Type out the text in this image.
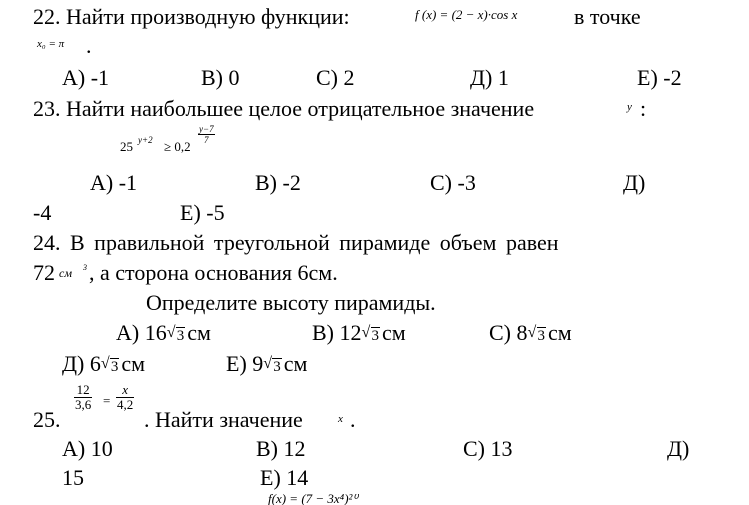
22. Найти производную функции:	f (x) = (2 − x)·cos x	в точке
x₀ = π .
А) -1	В) 0	С) 2	Д) 1	Е) -2
23. Найти наибольшее целое отрицательное значение	y :
25 y+2 ≥ 0,2
$\frac{y-7}{7}$
А) -1	В) -2	С) -3	Д)
-4	Е) -5
24. В правильной треугольной пирамиде объем равен
72 см 3 , а сторона основания 6см.
Определите высоту пирамиды.
А) 16 √ 3 см	В) 12 √ 3 см	С) 8 √ 3 см
Д) 6 √ 3 см	Е) 9 √ 3 см
25.
$\frac{12}{3,6} = \frac{x}{4,2}$
. Найти значение	x .
А) 10	В) 12	С) 13	Д)
15	Е) 14
f(x) = (7 − 3x⁴)²⁰
